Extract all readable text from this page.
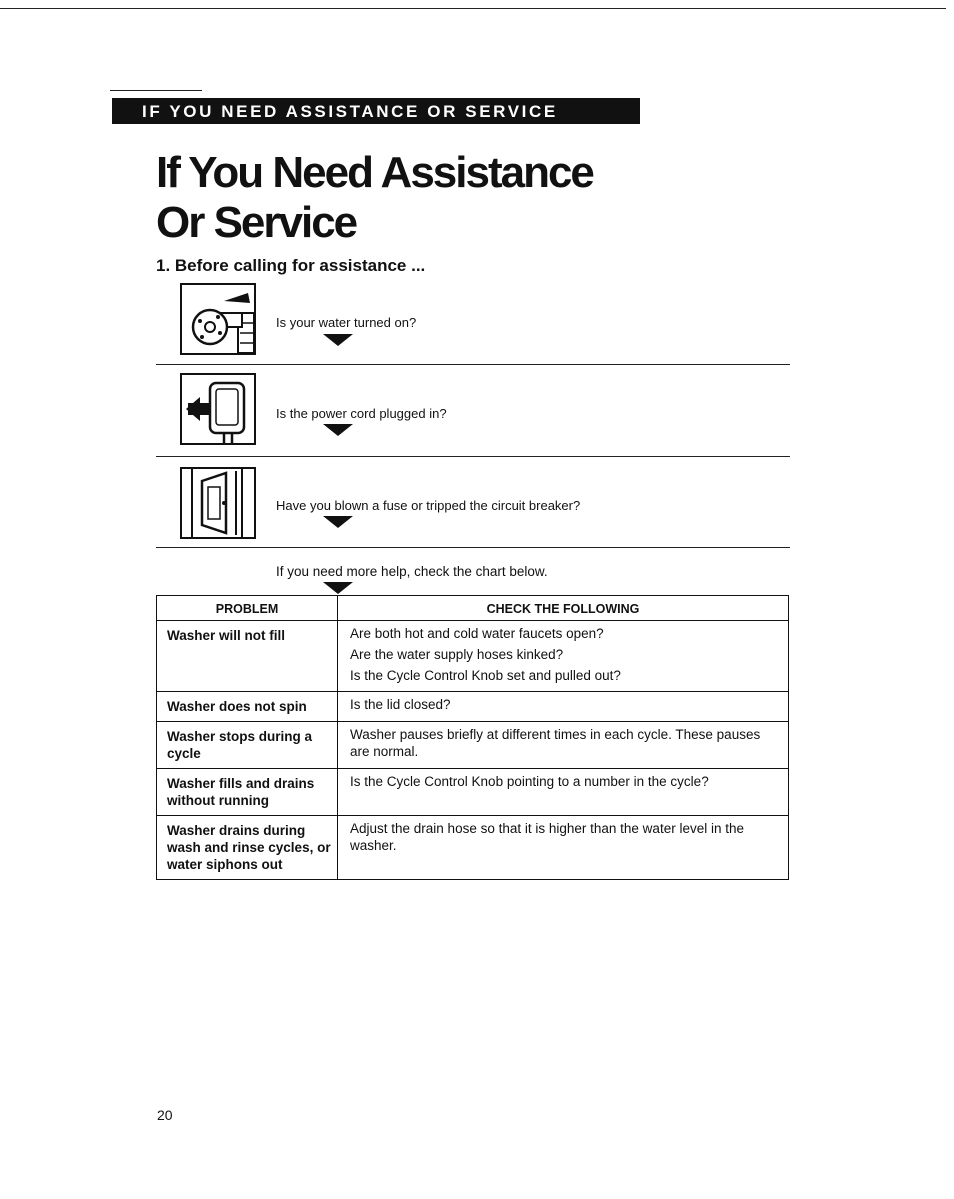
IF YOU NEED ASSISTANCE OR SERVICE
If You Need Assistance
Or Service
1. Before calling for assistance ...
Is your water turned on?
Is the power cord plugged in?
Have you blown a fuse or tripped the circuit breaker?
If you need more help, check the chart below.
PROBLEM	CHECK THE FOLLOWING
Washer will not fill	Are both hot and cold water faucets open?
Are the water supply hoses kinked?
Is the Cycle Control Knob set and pulled out?

Washer does not spin	Is the lid closed?

Washer stops during a cycle	Washer pauses briefly at different times in each cycle. These pauses are normal.

Washer fills and drains without running	Is the Cycle Control Knob pointing to a number in the cycle?

Washer drains during wash and rinse cycles, or water siphons out	Adjust the drain hose so that it is higher than the water level in the washer.
20
